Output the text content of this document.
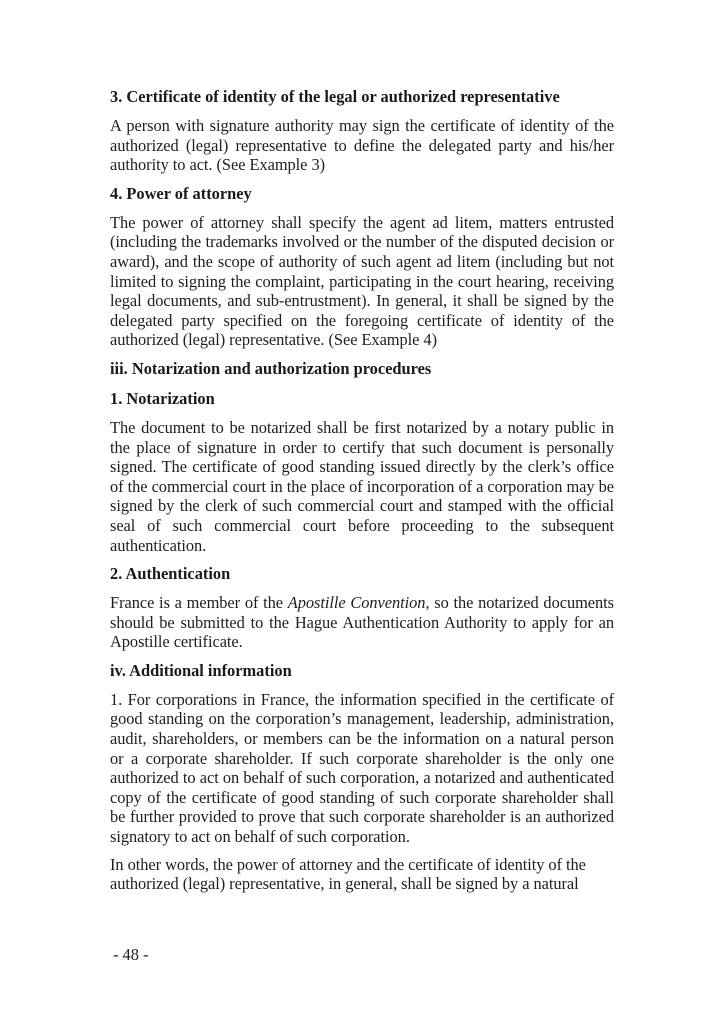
3. Certificate of identity of the legal or authorized representative

A person with signature authority may sign the certificate of identity of the authorized (legal) representative to define the delegated party and his/her authority to act. (See Example 3)

4. Power of attorney

The power of attorney shall specify the agent ad litem, matters entrusted (including the trademarks involved or the number of the disputed decision or award), and the scope of authority of such agent ad litem (including but not limited to signing the complaint, participating in the court hearing, receiving legal documents, and sub-entrustment). In general, it shall be signed by the delegated party specified on the foregoing certificate of identity of the authorized (legal) representative. (See Example 4)

iii. Notarization and authorization procedures
1. Notarization

The document to be notarized shall be first notarized by a notary public in the place of signature in order to certify that such document is personally signed. The certificate of good standing issued directly by the clerk’s office of the commercial court in the place of incorporation of a corporation may be signed by the clerk of such commercial court and stamped with the official seal of such commercial court before proceeding to the subsequent authentication.

2. Authentication

France is a member of the Apostille Convention, so the notarized documents should be submitted to the Hague Authentication Authority to apply for an Apostille certificate.

iv. Additional information

1. For corporations in France, the information specified in the certificate of good standing on the corporation’s management, leadership, administration, audit, shareholders, or members can be the information on a natural person or a corporate shareholder. If such corporate shareholder is the only one authorized to act on behalf of such corporation, a notarized and authenticated copy of the certificate of good standing of such corporate shareholder shall be further provided to prove that such corporate shareholder is an authorized signatory to act on behalf of such corporation.

In other words, the power of attorney and the certificate of identity of the authorized (legal) representative, in general, shall be signed by a natural

- 48 -
